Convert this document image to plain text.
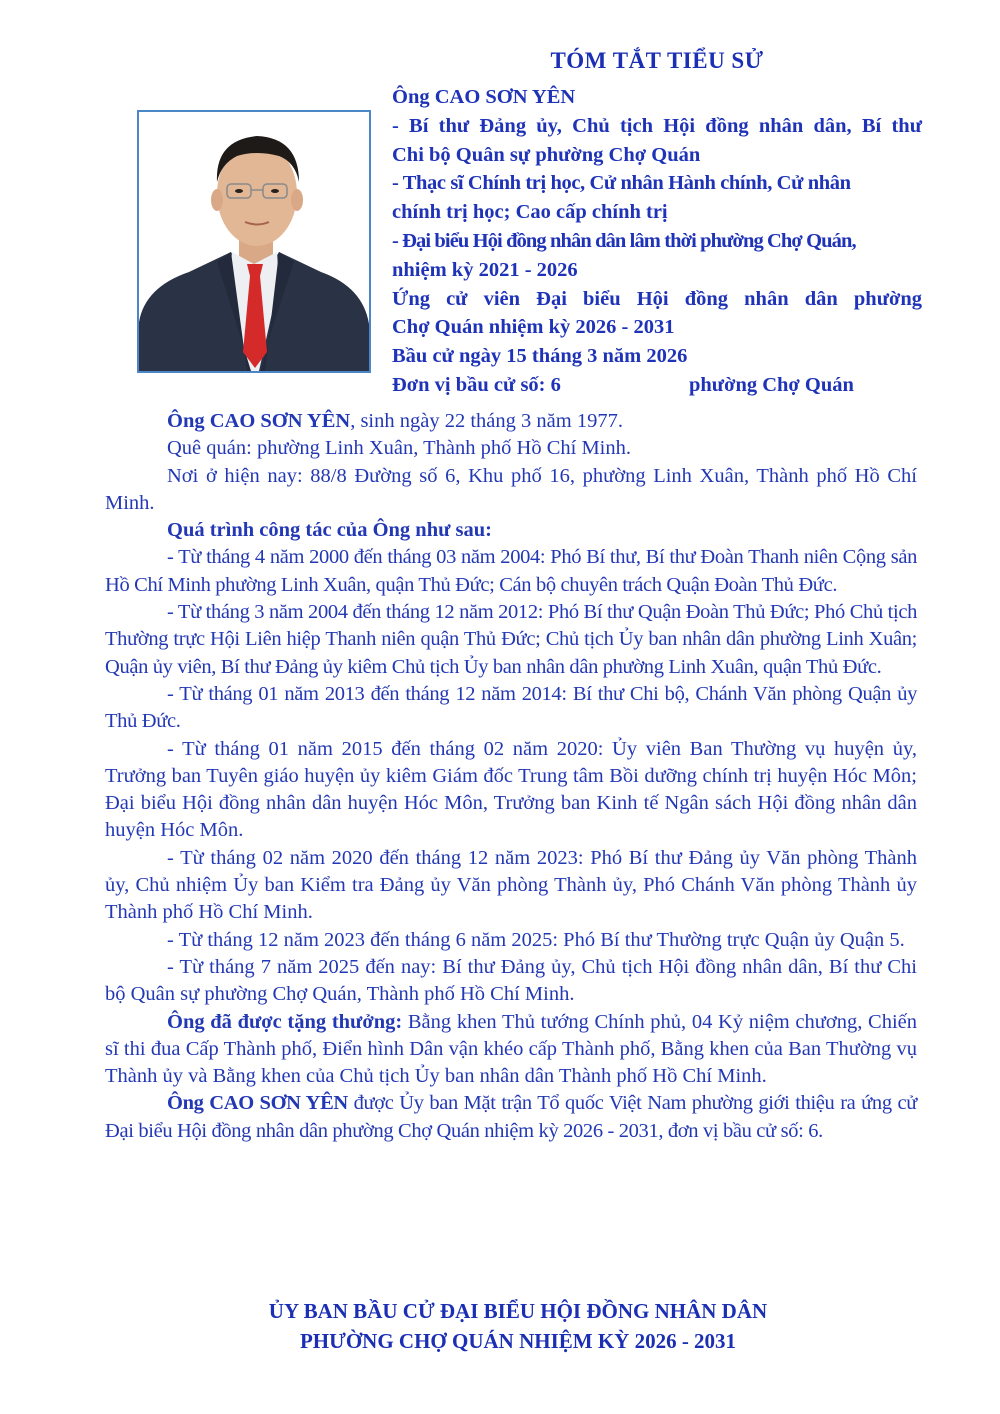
TÓM TẮT TIỂU SỬ
Ông CAO SƠN YÊN
- Bí thư Đảng ủy, Chủ tịch Hội đồng nhân dân, Bí thư
Chi bộ Quân sự phường Chợ Quán
- Thạc sĩ Chính trị học, Cử nhân Hành chính, Cử nhân
chính trị học; Cao cấp chính trị
- Đại biểu Hội đồng nhân dân lâm thời phường Chợ Quán,
nhiệm kỳ 2021 - 2026
Ứng cử viên Đại biểu Hội đồng nhân dân phường
Chợ Quán nhiệm kỳ 2026 - 2031
Bầu cử ngày 15 tháng 3 năm 2026
Đơn vị bầu cử số: 6	phường Chợ Quán

Ông CAO SƠN YÊN, sinh ngày 22 tháng 3 năm 1977.

Quê quán: phường Linh Xuân, Thành phố Hồ Chí Minh.

Nơi ở hiện nay: 88/8 Đường số 6, Khu phố 16, phường Linh Xuân, Thành phố Hồ Chí Minh.

Quá trình công tác của Ông như sau:

- Từ tháng 4 năm 2000 đến tháng 03 năm 2004: Phó Bí thư, Bí thư Đoàn Thanh niên Cộng sản Hồ Chí Minh phường Linh Xuân, quận Thủ Đức; Cán bộ chuyên trách Quận Đoàn Thủ Đức.

- Từ tháng 3 năm 2004 đến tháng 12 năm 2012: Phó Bí thư Quận Đoàn Thủ Đức; Phó Chủ tịch Thường trực Hội Liên hiệp Thanh niên quận Thủ Đức; Chủ tịch Ủy ban nhân dân phường Linh Xuân; Quận ủy viên, Bí thư Đảng ủy kiêm Chủ tịch Ủy ban nhân dân phường Linh Xuân, quận Thủ Đức.

- Từ tháng 01 năm 2013 đến tháng 12 năm 2014: Bí thư Chi bộ, Chánh Văn phòng Quận ủy Thủ Đức.

- Từ tháng 01 năm 2015 đến tháng 02 năm 2020: Ủy viên Ban Thường vụ huyện ủy, Trưởng ban Tuyên giáo huyện ủy kiêm Giám đốc Trung tâm Bồi dưỡng chính trị huyện Hóc Môn; Đại biểu Hội đồng nhân dân huyện Hóc Môn, Trưởng ban Kinh tế Ngân sách Hội đồng nhân dân huyện Hóc Môn.

- Từ tháng 02 năm 2020 đến tháng 12 năm 2023: Phó Bí thư Đảng ủy Văn phòng Thành ủy, Chủ nhiệm Ủy ban Kiểm tra Đảng ủy Văn phòng Thành ủy, Phó Chánh Văn phòng Thành ủy Thành phố Hồ Chí Minh.

- Từ tháng 12 năm 2023 đến tháng 6 năm 2025: Phó Bí thư Thường trực Quận ủy Quận 5.

- Từ tháng 7 năm 2025 đến nay: Bí thư Đảng ủy, Chủ tịch Hội đồng nhân dân, Bí thư Chi bộ Quân sự phường Chợ Quán, Thành phố Hồ Chí Minh.

Ông đã được tặng thưởng: Bằng khen Thủ tướng Chính phủ, 04 Kỷ niệm chương, Chiến sĩ thi đua Cấp Thành phố, Điển hình Dân vận khéo cấp Thành phố, Bằng khen của Ban Thường vụ Thành ủy và Bằng khen của Chủ tịch Ủy ban nhân dân Thành phố Hồ Chí Minh.

Ông CAO SƠN YÊN được Ủy ban Mặt trận Tổ quốc Việt Nam phường giới thiệu ra ứng cử Đại biểu Hội đồng nhân dân phường Chợ Quán nhiệm kỳ 2026 - 2031, đơn vị bầu cử số: 6.

ỦY BAN BẦU CỬ ĐẠI BIỂU HỘI ĐỒNG NHÂN DÂN
PHƯỜNG CHỢ QUÁN NHIỆM KỲ 2026 - 2031
